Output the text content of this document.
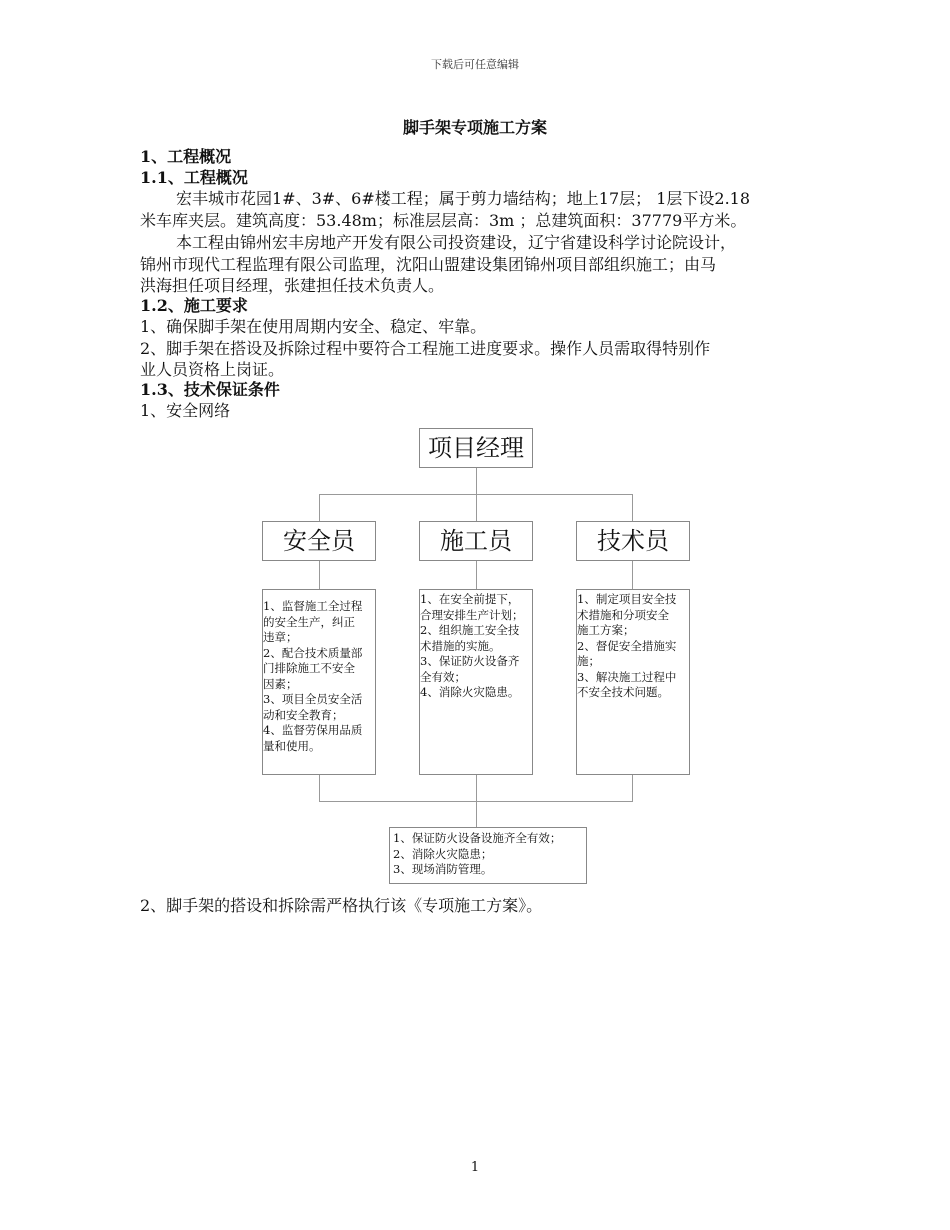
下载后可任意编辑
脚手架专项施工方案
1、工程概况
1.1、工程概况
宏丰城市花园1#、3#、6#楼工程；属于剪力墙结构；地上17层； 1层下设2.18
米车库夹层。建筑高度：53.48m；标准层层高：3m ；总建筑面积：37779平方米。
本工程由锦州宏丰房地产开发有限公司投资建设，辽宁省建设科学讨论院设计，
锦州市现代工程监理有限公司监理，沈阳山盟建设集团锦州项目部组织施工；由马
洪海担任项目经理，张建担任技术负责人。
1.2、施工要求
1、确保脚手架在使用周期内安全、稳定、牢靠。
2、脚手架在搭设及拆除过程中要符合工程施工进度要求。操作人员需取得特别作
业人员资格上岗证。
1.3、技术保证条件
1、安全网络
项目经理
安全员	施工员	技术员
1、监督施工全过程
的安全生产，纠正
违章；
2、配合技术质量部
门排除施工不安全
因素；
3、项目全员安全活
动和安全教育；
4、监督劳保用品质
量和使用。
1、在安全前提下，
合理安排生产计划；
2、组织施工安全技
术措施的实施。
3、保证防火设备齐
全有效；
4、消除火灾隐患。
1、制定项目安全技
术措施和分项安全
施工方案；
2、督促安全措施实
施；
3、解决施工过程中
不安全技术问题。
1、保证防火设备设施齐全有效；
2、消除火灾隐患；
3、现场消防管理。
2、脚手架的搭设和拆除需严格执行该《专项施工方案》。
1
